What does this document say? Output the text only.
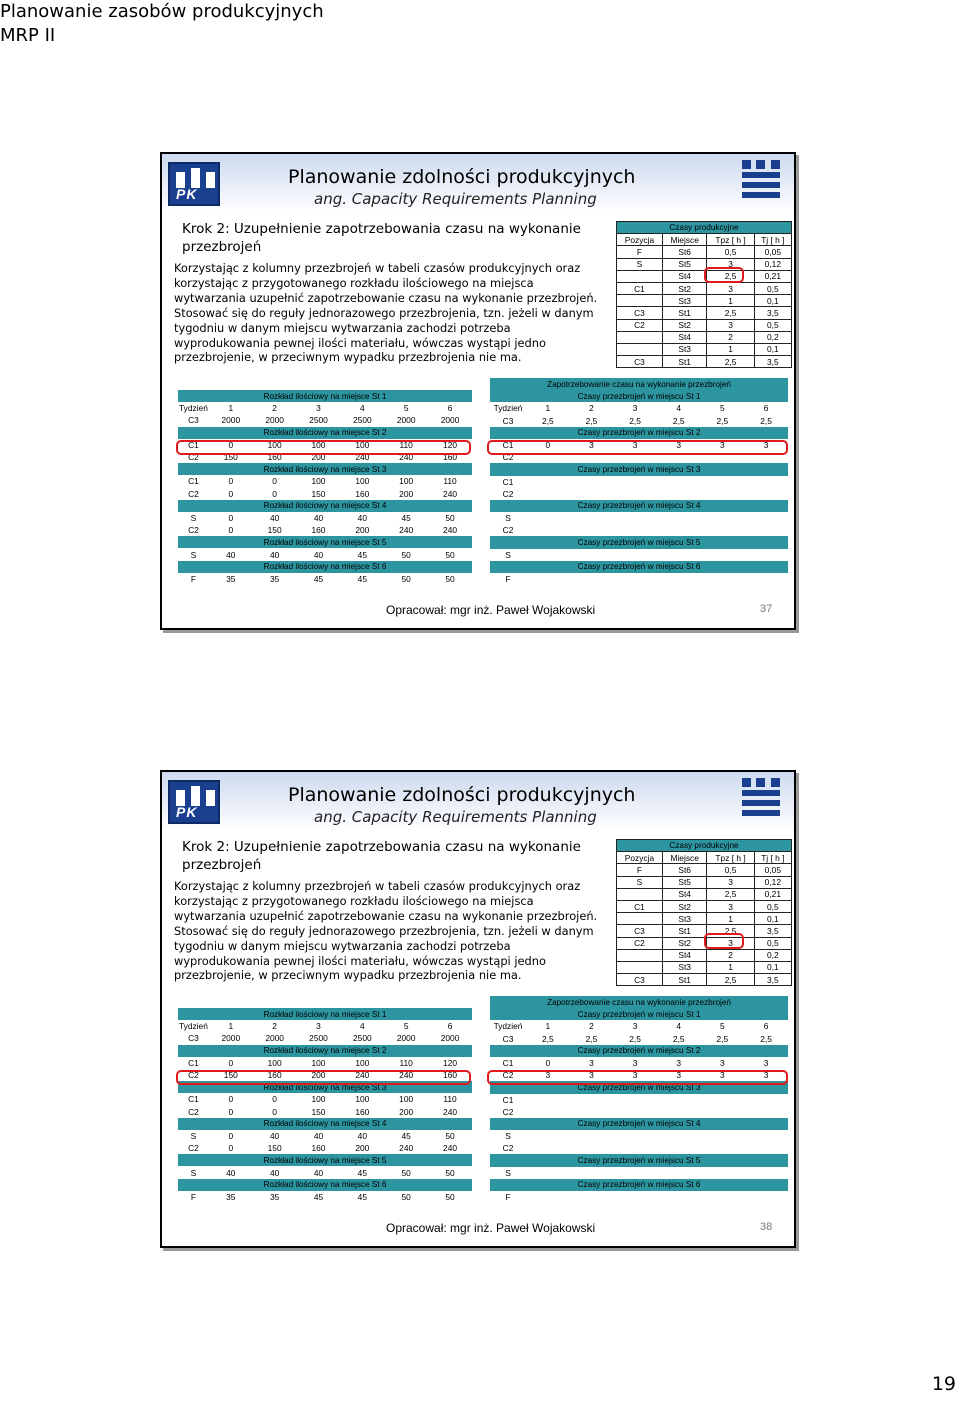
Planowanie zasobów produkcyjnych
MRP II
PK
Planowanie zdolności produkcyjnych
ang. Capacity Requirements Planning
Krok 2: Uzupełnienie zapotrzebowania czasu na wykonanie przezbrojeń
Korzystając z kolumny przezbrojeń w tabeli czasów produkcyjnych oraz korzystając z przygotowanego rozkładu ilościowego na miejsca wytwarzania uzupełnić zapotrzebowanie czasu na wykonanie przezbrojeń. Stosować się do reguły jednorazowego przezbrojenia, tzn. jeżeli w danym tygodniu w danym miejscu wytwarzania zachodzi potrzeba wyprodukowania pewnej ilości materiału, wówczas wystąpi jedno przezbrojenie, w przeciwnym wypadku przezbrojenia nie ma.
Czasy produkcyjne			
Pozycja	Miejsce	Tpz [ h ]	Tj [ h ]
F	St6	0,5	0,05
S	St5	3	0,12
	St4	2,5	0,21
C1	St2	3	0,5
	St3	1	0,1
C3	St1	2,5	3,5
C2	St2	3	0,5
	St4	2	0,2
	St3	1	0,1
C3	St1	2,5	3,5
Rozkład ilościowy na miejsce St 1						
Tydzień	1	2	3	4	5	6
C3	2000	2000	2500	2500	2000	2000
Rozkład ilościowy na miejsce St 2						
C1	0	100	100	100	110	120
C2	150	160	200	240	240	160
Rozkład ilościowy na miejsce St 3						
C1	0	0	100	100	100	110
C2	0	0	150	160	200	240
Rozkład ilościowy na miejsce St 4						
S	0	40	40	40	45	50
C2	0	150	160	200	240	240
Rozkład ilościowy na miejsce St 5						
S	40	40	40	45	50	50
Rozkład ilościowy na miejsce St 6						
F	35	35	45	45	50	50
Zapotrzebowanie czasu na wykonanie przezbrojeń						
Czasy przezbrojeń w miejscu St 1						
Tydzień	1	2	3	4	5	6
C3	2,5	2,5	2,5	2,5	2,5	2,5
Czasy przezbrojeń w miejscu St 2						
C1	0	3	3	3	3	3
C2						
Czasy przezbrojeń w miejscu St 3						
C1						
C2						
Czasy przezbrojeń w miejscu St 4						
S						
C2						
Czasy przezbrojeń w miejscu St 5						
S						
Czasy przezbrojeń w miejscu St 6						
F						
Opracował: mgr inż. Paweł Wojakowski	37
PK
Planowanie zdolności produkcyjnych
ang. Capacity Requirements Planning
Krok 2: Uzupełnienie zapotrzebowania czasu na wykonanie przezbrojeń
Korzystając z kolumny przezbrojeń w tabeli czasów produkcyjnych oraz korzystając z przygotowanego rozkładu ilościowego na miejsca wytwarzania uzupełnić zapotrzebowanie czasu na wykonanie przezbrojeń. Stosować się do reguły jednorazowego przezbrojenia, tzn. jeżeli w danym tygodniu w danym miejscu wytwarzania zachodzi potrzeba wyprodukowania pewnej ilości materiału, wówczas wystąpi jedno przezbrojenie, w przeciwnym wypadku przezbrojenia nie ma.
Czasy produkcyjne			
Pozycja	Miejsce	Tpz [ h ]	Tj [ h ]
F	St6	0,5	0,05
S	St5	3	0,12
	St4	2,5	0,21
C1	St2	3	0,5
	St3	1	0,1
C3	St1	2,5	3,5
C2	St2	3	0,5
	St4	2	0,2
	St3	1	0,1
C3	St1	2,5	3,5
Rozkład ilościowy na miejsce St 1						
Tydzień	1	2	3	4	5	6
C3	2000	2000	2500	2500	2000	2000
Rozkład ilościowy na miejsce St 2						
C1	0	100	100	100	110	120
C2	150	160	200	240	240	160
Rozkład ilościowy na miejsce St 3						
C1	0	0	100	100	100	110
C2	0	0	150	160	200	240
Rozkład ilościowy na miejsce St 4						
S	0	40	40	40	45	50
C2	0	150	160	200	240	240
Rozkład ilościowy na miejsce St 5						
S	40	40	40	45	50	50
Rozkład ilościowy na miejsce St 6						
F	35	35	45	45	50	50
Zapotrzebowanie czasu na wykonanie przezbrojeń						
Czasy przezbrojeń w miejscu St 1						
Tydzień	1	2	3	4	5	6
C3	2,5	2,5	2,5	2,5	2,5	2,5
Czasy przezbrojeń w miejscu St 2						
C1	0	3	3	3	3	3
C2	3	3	3	3	3	3
Czasy przezbrojeń w miejscu St 3						
C1						
C2						
Czasy przezbrojeń w miejscu St 4						
S						
C2						
Czasy przezbrojeń w miejscu St 5						
S						
Czasy przezbrojeń w miejscu St 6						
F						
Opracował: mgr inż. Paweł Wojakowski	38
19
